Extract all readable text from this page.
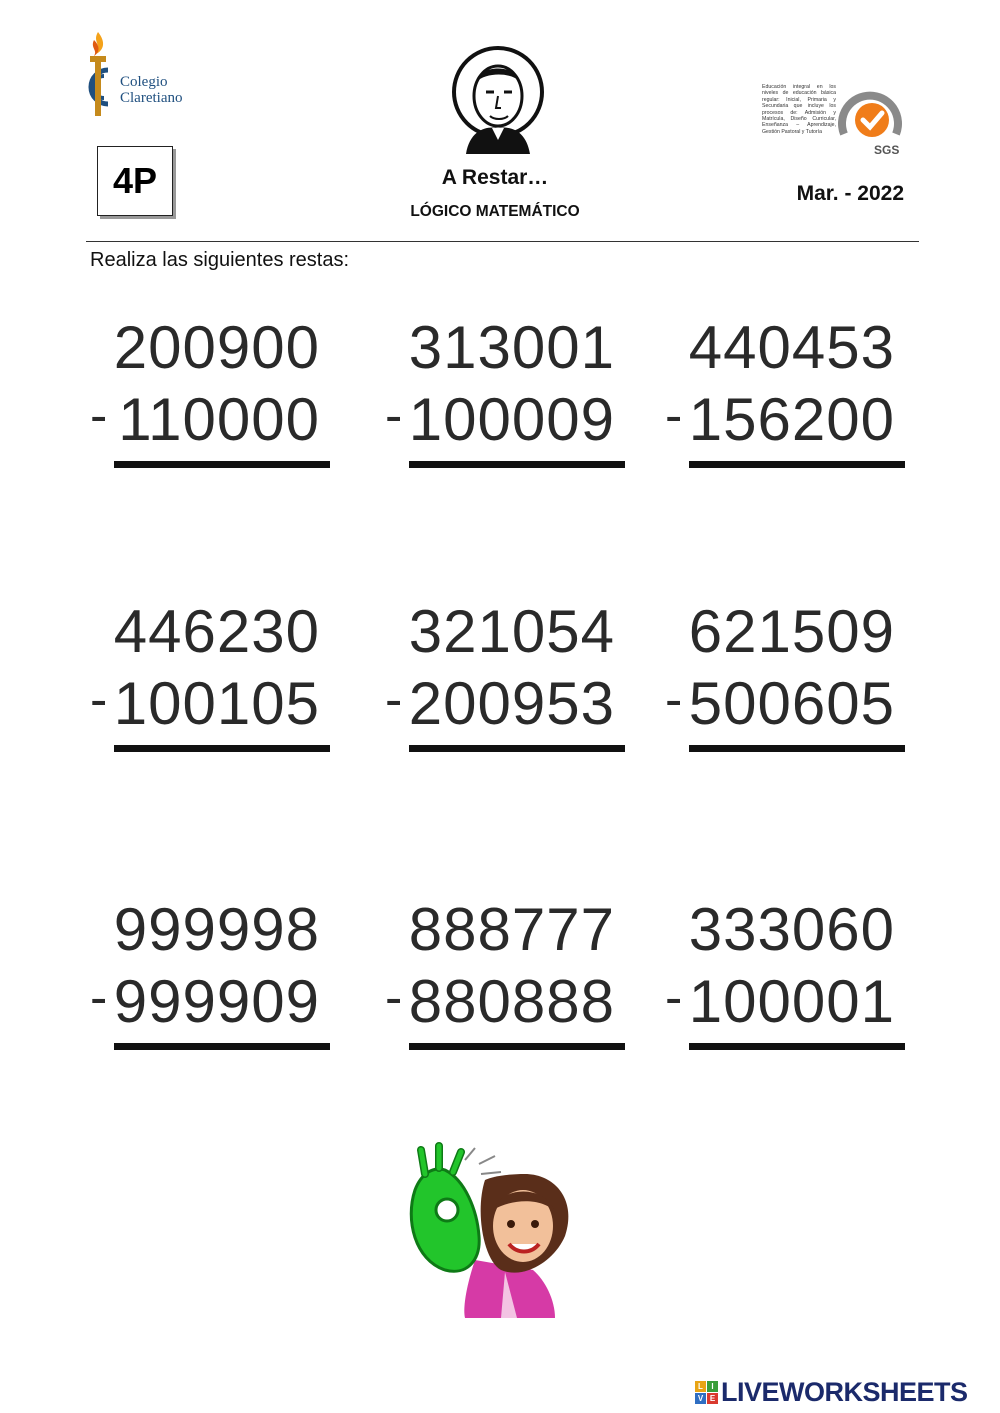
Colegio
Claretiano
Educación integral en los niveles de educación básica regular: Inicial, Primaria y Secundaria que incluye los procesos de: Admisión y Matrícula, Diseño Curricular, Enseñanza – Aprendizaje, Gestión Pastoral y Tutoría
SGS
4P	A Restar…
LÓGICO MATEMÁTICO
Mar. - 2022
Realiza las siguientes restas:
200900
- 110000
313001
- 100009
440453
- 156200
446230
- 100105
321054
- 200953
621509
- 500605
999998
- 999909
888777
- 880888
333060
- 100001
L	I
V E LIVEWORKSHEETS
